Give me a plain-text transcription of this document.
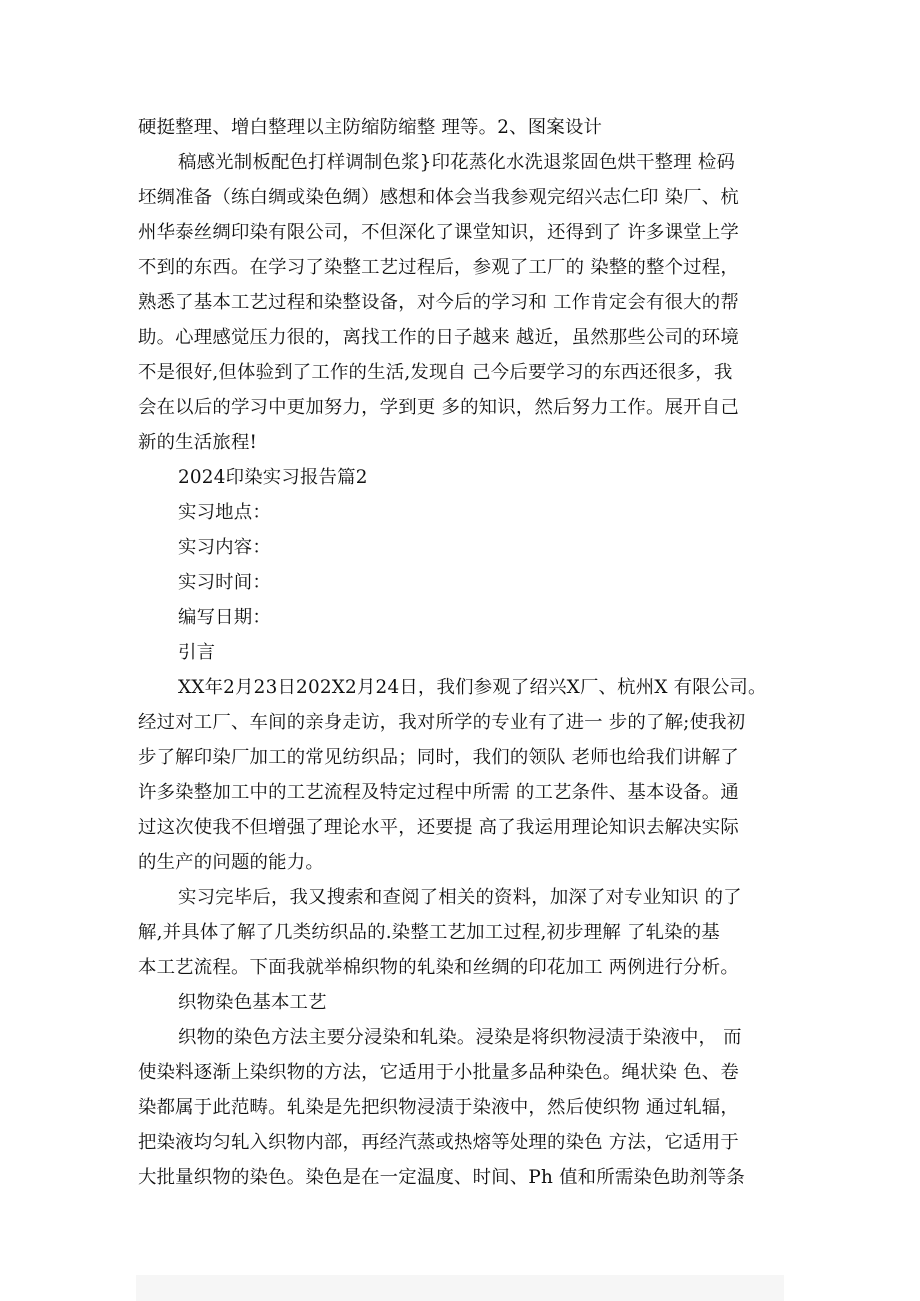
硬挺整理、增白整理以主防缩防缩整 理等。2、图案设计
稿感光制板配色打样调制色浆}印花蒸化水洗退浆固色烘干整理 检码
坯绸准备（练白绸或染色绸）感想和体会当我参观完绍兴志仁印 染厂、杭
州华泰丝绸印染有限公司，不但深化了课堂知识，还得到了 许多课堂上学
不到的东西。在学习了染整工艺过程后，参观了工厂的 染整的整个过程，
熟悉了基本工艺过程和染整设备，对今后的学习和 工作肯定会有很大的帮
助。心理感觉压力很的，离找工作的日子越来 越近，虽然那些公司的环境
不是很好,但体验到了工作的生活,发现自 己今后要学习的东西还很多，我
会在以后的学习中更加努力，学到更 多的知识，然后努力工作。展开自己
新的生活旅程!
2024印染实习报告篇2
实习地点：
实习内容：
实习时间：
编写日期：
引言
XX年2月23日202X2月24日，我们参观了绍兴X厂、杭州X 有限公司。
经过对工厂、车间的亲身走访，我对所学的专业有了进一 步的了解;使我初
步了解印染厂加工的常见纺织品；同时，我们的领队 老师也给我们讲解了
许多染整加工中的工艺流程及特定过程中所需 的工艺条件、基本设备。通
过这次使我不但增强了理论水平，还要提 高了我运用理论知识去解决实际
的生产的问题的能力。
实习完毕后，我又搜索和查阅了相关的资料，加深了对专业知识 的了
解,并具体了解了几类纺织品的.染整工艺加工过程,初步理解 了轧染的基
本工艺流程。下面我就举棉织物的轧染和丝绸的印花加工 两例进行分析。
织物染色基本工艺
织物的染色方法主要分浸染和轧染。浸染是将织物浸渍于染液中， 而
使染料逐渐上染织物的方法，它适用于小批量多品种染色。绳状染 色、卷
染都属于此范畴。轧染是先把织物浸渍于染液中，然后使织物 通过轧辐，
把染液均匀轧入织物内部，再经汽蒸或热熔等处理的染色 方法，它适用于
大批量织物的染色。染色是在一定温度、时间、Ph 值和所需染色助剂等条
